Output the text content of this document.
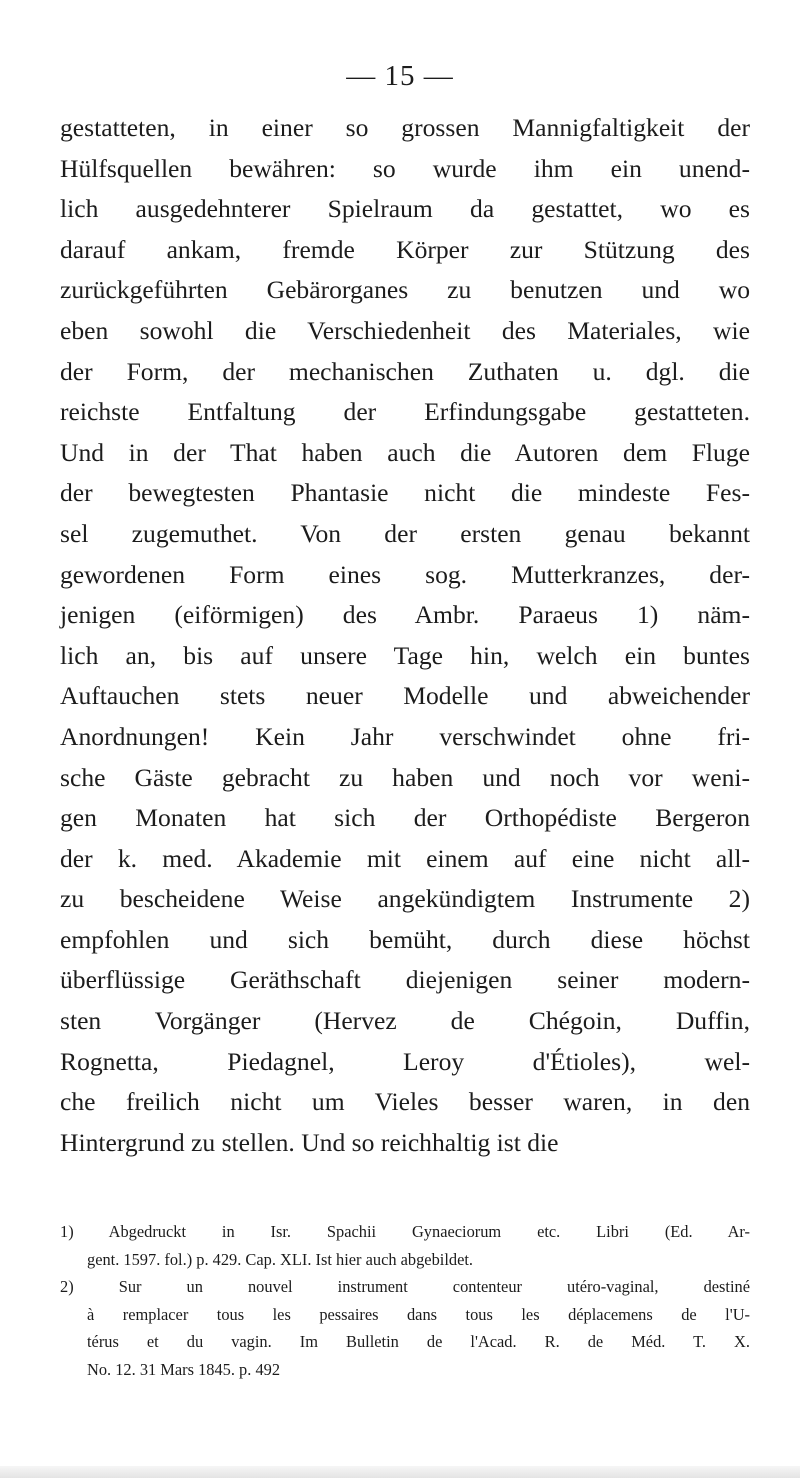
— 15 —
gestatteten, in einer so grossen Mannigfaltigkeit der
Hülfsquellen bewähren: so wurde ihm ein unend-
lich ausgedehnterer Spielraum da gestattet, wo es
darauf ankam, fremde Körper zur Stützung des
zurückgeführten Gebärorganes zu benutzen und wo
eben sowohl die Verschiedenheit des Materiales, wie
der Form, der mechanischen Zuthaten u. dgl. die
reichste Entfaltung der Erfindungsgabe gestatteten.
Und in der That haben auch die Autoren dem Fluge
der bewegtesten Phantasie nicht die mindeste Fes-
sel zugemuthet. Von der ersten genau bekannt
gewordenen Form eines sog. Mutterkranzes, der-
jenigen (eiförmigen) des Ambr. Paraeus 1) näm-
lich an, bis auf unsere Tage hin, welch ein buntes
Auftauchen stets neuer Modelle und abweichender
Anordnungen! Kein Jahr verschwindet ohne fri-
sche Gäste gebracht zu haben und noch vor weni-
gen Monaten hat sich der Orthopédiste Bergeron
der k. med. Akademie mit einem auf eine nicht all-
zu bescheidene Weise angekündigtem Instrumente 2)
empfohlen und sich bemüht, durch diese höchst
überflüssige Geräthschaft diejenigen seiner modern-
sten Vorgänger (Hervez de Chégoin, Duffin,
Rognetta, Piedagnel, Leroy d'Étioles), wel-
che freilich nicht um Vieles besser waren, in den
Hintergrund zu stellen. Und so reichhaltig ist die
1) Abgedruckt in Isr. Spachii Gynaeciorum etc. Libri (Ed. Ar-
gent. 1597. fol.) p. 429. Cap. XLI. Ist hier auch abgebildet.
2) Sur un nouvel instrument contenteur utéro-vaginal, destiné
à remplacer tous les pessaires dans tous les déplacemens de l'U-
térus et du vagin. Im Bulletin de l'Acad. R. de Méd. T. X.
No. 12. 31 Mars 1845. p. 492
